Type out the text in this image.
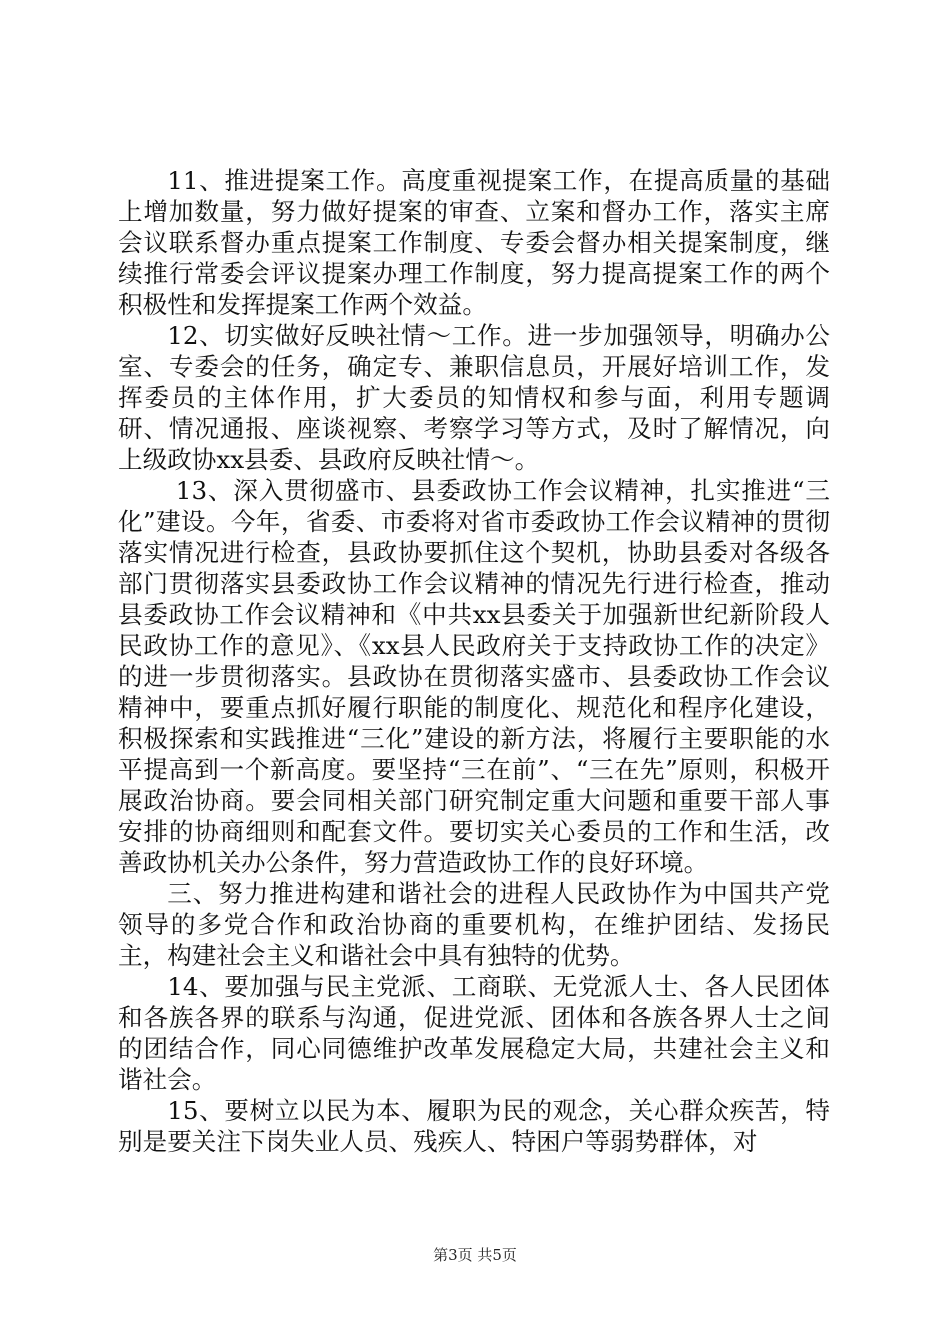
11、推进提案工作。高度重视提案工作，在提高质量的基础上增加数量，努力做好提案的审查、立案和督办工作，落实主席会议联系督办重点提案工作制度、专委会督办相关提案制度，继续推行常委会评议提案办理工作制度，努力提高提案工作的两个积极性和发挥提案工作两个效益。

12、切实做好反映社情～工作。进一步加强领导，明确办公室、专委会的任务，确定专、兼职信息员，开展好培训工作，发挥委员的主体作用，扩大委员的知情权和参与面，利用专题调研、情况通报、座谈视察、考察学习等方式，及时了解情况，向上级政协xx县委、县政府反映社情～。

13、深入贯彻盛市、县委政协工作会议精神，扎实推进“三化”建设。今年，省委、市委将对省市委政协工作会议精神的贯彻落实情况进行检查，县政协要抓住这个契机，协助县委对各级各部门贯彻落实县委政协工作会议精神的情况先行进行检查，推动县委政协工作会议精神和《中共xx县委关于加强新世纪新阶段人民政协工作的意见》、《xx县人民政府关于支持政协工作的决定》的进一步贯彻落实。县政协在贯彻落实盛市、县委政协工作会议精神中，要重点抓好履行职能的制度化、规范化和程序化建设，积极探索和实践推进“三化”建设的新方法，将履行主要职能的水平提高到一个新高度。要坚持“三在前”、“三在先”原则，积极开展政治协商。要会同相关部门研究制定重大问题和重要干部人事安排的协商细则和配套文件。要切实关心委员的工作和生活，改善政协机关办公条件，努力营造政协工作的良好环境。

三、努力推进构建和谐社会的进程人民政协作为中国共产党领导的多党合作和政治协商的重要机构，在维护团结、发扬民主，构建社会主义和谐社会中具有独特的优势。

14、要加强与民主党派、工商联、无党派人士、各人民团体和各族各界的联系与沟通，促进党派、团体和各族各界人士之间的团结合作，同心同德维护改革发展稳定大局，共建社会主义和谐社会。

15、要树立以民为本、履职为民的观念，关心群众疾苦，特别是要关注下岗失业人员、残疾人、特困户等弱势群体，对

第3页 共5页
